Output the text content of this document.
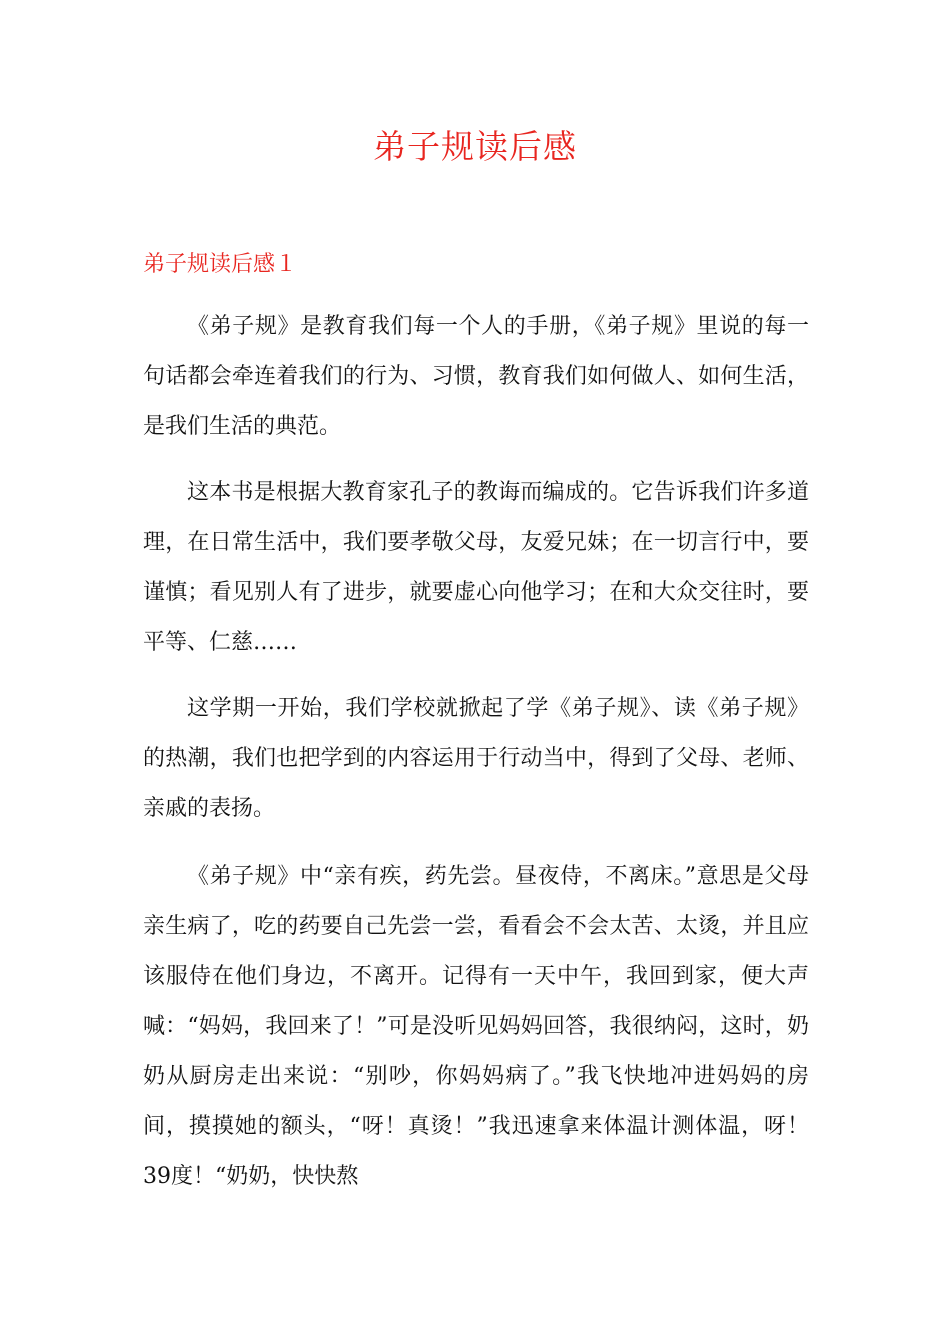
弟子规读后感
弟子规读后感１

《弟子规》是教育我们每一个人的手册，《弟子规》里说的每一句话都会牵连着我们的行为、习惯，教育我们如何做人、如何生活，是我们生活的典范。

这本书是根据大教育家孔子的教诲而编成的。它告诉我们许多道理，在日常生活中，我们要孝敬父母，友爱兄妹；在一切言行中，要谨慎；看见别人有了进步，就要虚心向他学习；在和大众交往时，要平等、仁慈……

这学期一开始，我们学校就掀起了学《弟子规》、读《弟子规》的热潮，我们也把学到的内容运用于行动当中，得到了父母、老师、亲戚的表扬。

《弟子规》中“亲有疾，药先尝。昼夜侍，不离床。”意思是父母亲生病了，吃的药要自己先尝一尝，看看会不会太苦、太烫，并且应该服侍在他们身边，不离开。记得有一天中午，我回到家，便大声喊：“妈妈，我回来了！”可是没听见妈妈回答，我很纳闷，这时，奶奶从厨房走出来说：“别吵，你妈妈病了。”我飞快地冲进妈妈的房间，摸摸她的额头，“呀！真烫！”我迅速拿来体温计测体温，呀！39度！“奶奶，快快熬
